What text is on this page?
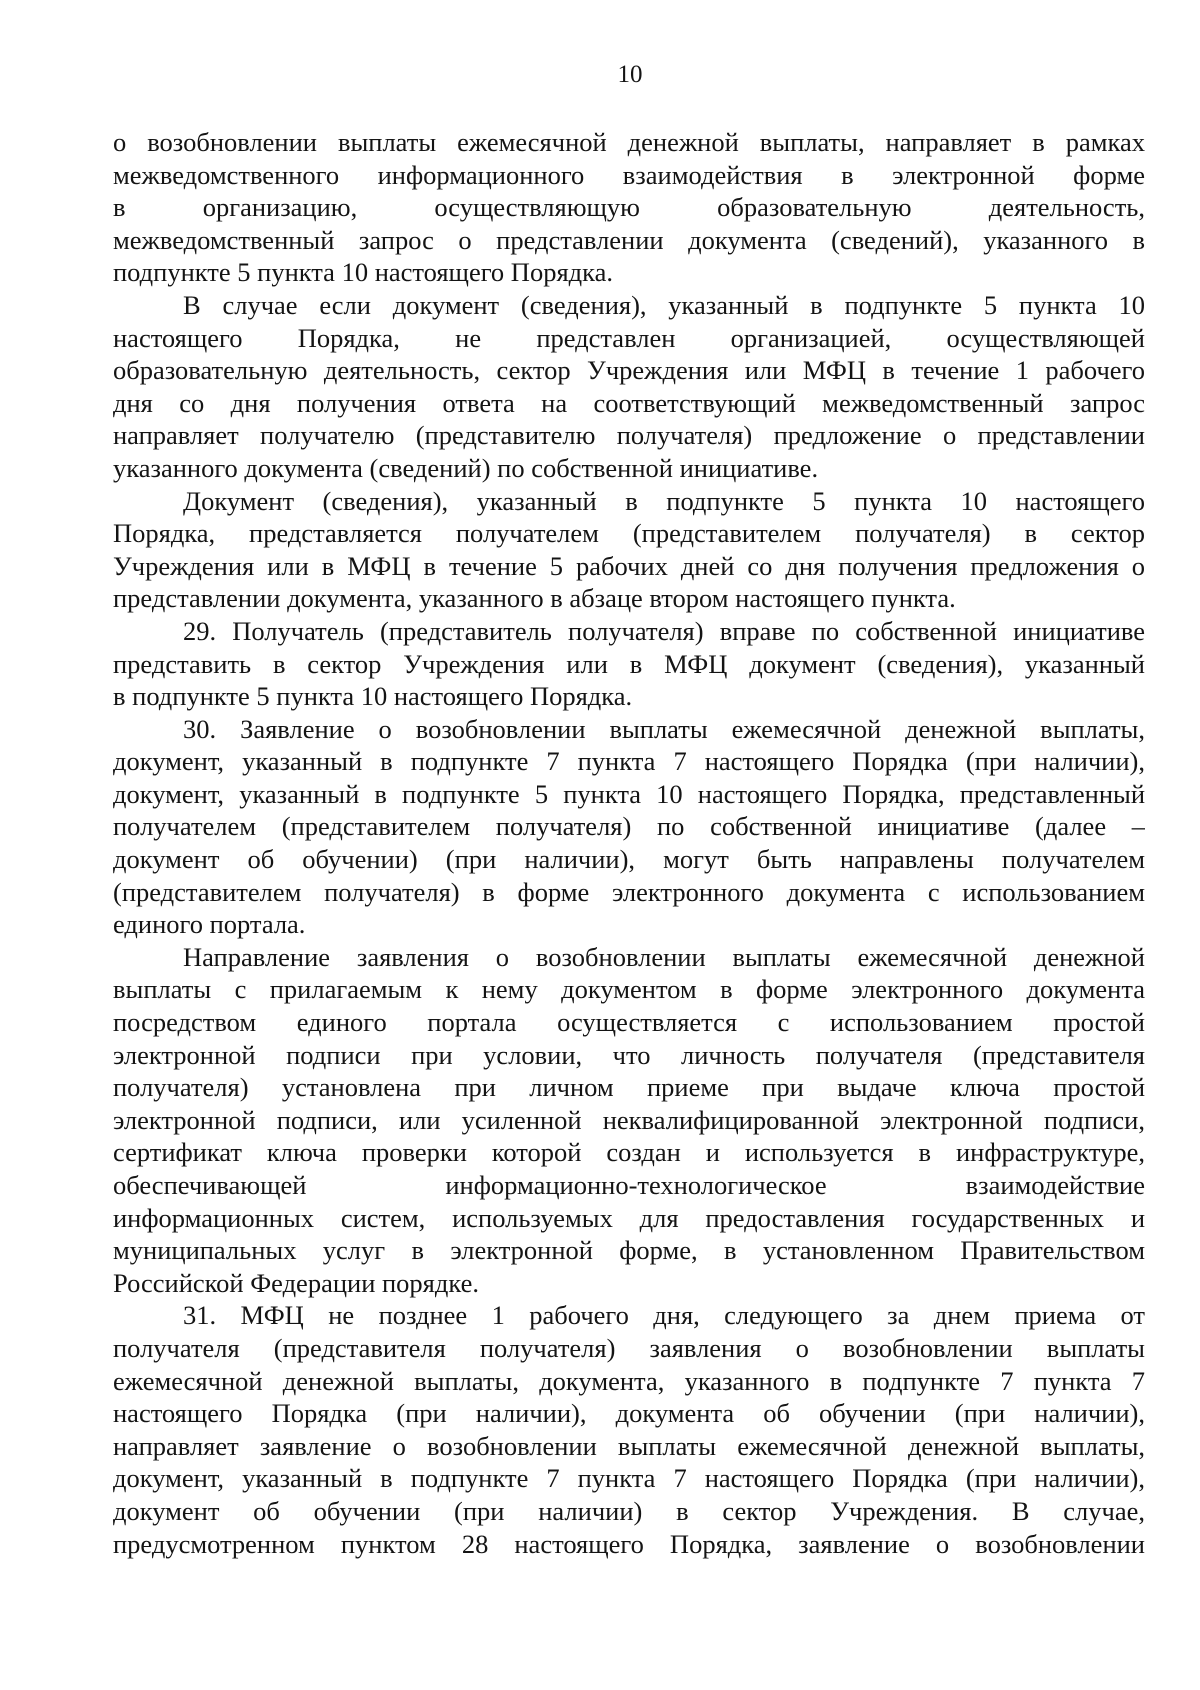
10
о возобновлении выплаты ежемесячной денежной выплаты, направляет в рамках
межведомственного информационного взаимодействия в электронной форме
в организацию, осуществляющую образовательную деятельность,
межведомственный запрос о представлении документа (сведений), указанного в
подпункте 5 пункта 10 настоящего Порядка.
В случае если документ (сведения), указанный в подпункте 5 пункта 10
настоящего Порядка, не представлен организацией, осуществляющей
образовательную деятельность, сектор Учреждения или МФЦ в течение 1 рабочего
дня со дня получения ответа на соответствующий межведомственный запрос
направляет получателю (представителю получателя) предложение о представлении
указанного документа (сведений) по собственной инициативе.
Документ (сведения), указанный в подпункте 5 пункта 10 настоящего
Порядка, представляется получателем (представителем получателя) в сектор
Учреждения или в МФЦ в течение 5 рабочих дней со дня получения предложения о
представлении документа, указанного в абзаце втором настоящего пункта.
29. Получатель (представитель получателя) вправе по собственной инициативе
представить в сектор Учреждения или в МФЦ документ (сведения), указанный
в подпункте 5 пункта 10 настоящего Порядка.
30. Заявление о возобновлении выплаты ежемесячной денежной выплаты,
документ, указанный в подпункте 7 пункта 7 настоящего Порядка (при наличии),
документ, указанный в подпункте 5 пункта 10 настоящего Порядка, представленный
получателем (представителем получателя) по собственной инициативе (далее –
документ об обучении) (при наличии), могут быть направлены получателем
(представителем получателя) в форме электронного документа с использованием
единого портала.
Направление заявления о возобновлении выплаты ежемесячной денежной
выплаты с прилагаемым к нему документом в форме электронного документа
посредством единого портала осуществляется с использованием простой
электронной подписи при условии, что личность получателя (представителя
получателя) установлена при личном приеме при выдаче ключа простой
электронной подписи, или усиленной неквалифицированной электронной подписи,
сертификат ключа проверки которой создан и используется в инфраструктуре,
обеспечивающей информационно-технологическое взаимодействие
информационных систем, используемых для предоставления государственных и
муниципальных услуг в электронной форме, в установленном Правительством
Российской Федерации порядке.
31. МФЦ не позднее 1 рабочего дня, следующего за днем приема от
получателя (представителя получателя) заявления о возобновлении выплаты
ежемесячной денежной выплаты, документа, указанного в подпункте 7 пункта 7
настоящего Порядка (при наличии), документа об обучении (при наличии),
направляет заявление о возобновлении выплаты ежемесячной денежной выплаты,
документ, указанный в подпункте 7 пункта 7 настоящего Порядка (при наличии),
документ об обучении (при наличии) в сектор Учреждения. В случае,
предусмотренном пунктом 28 настоящего Порядка, заявление о возобновлении
